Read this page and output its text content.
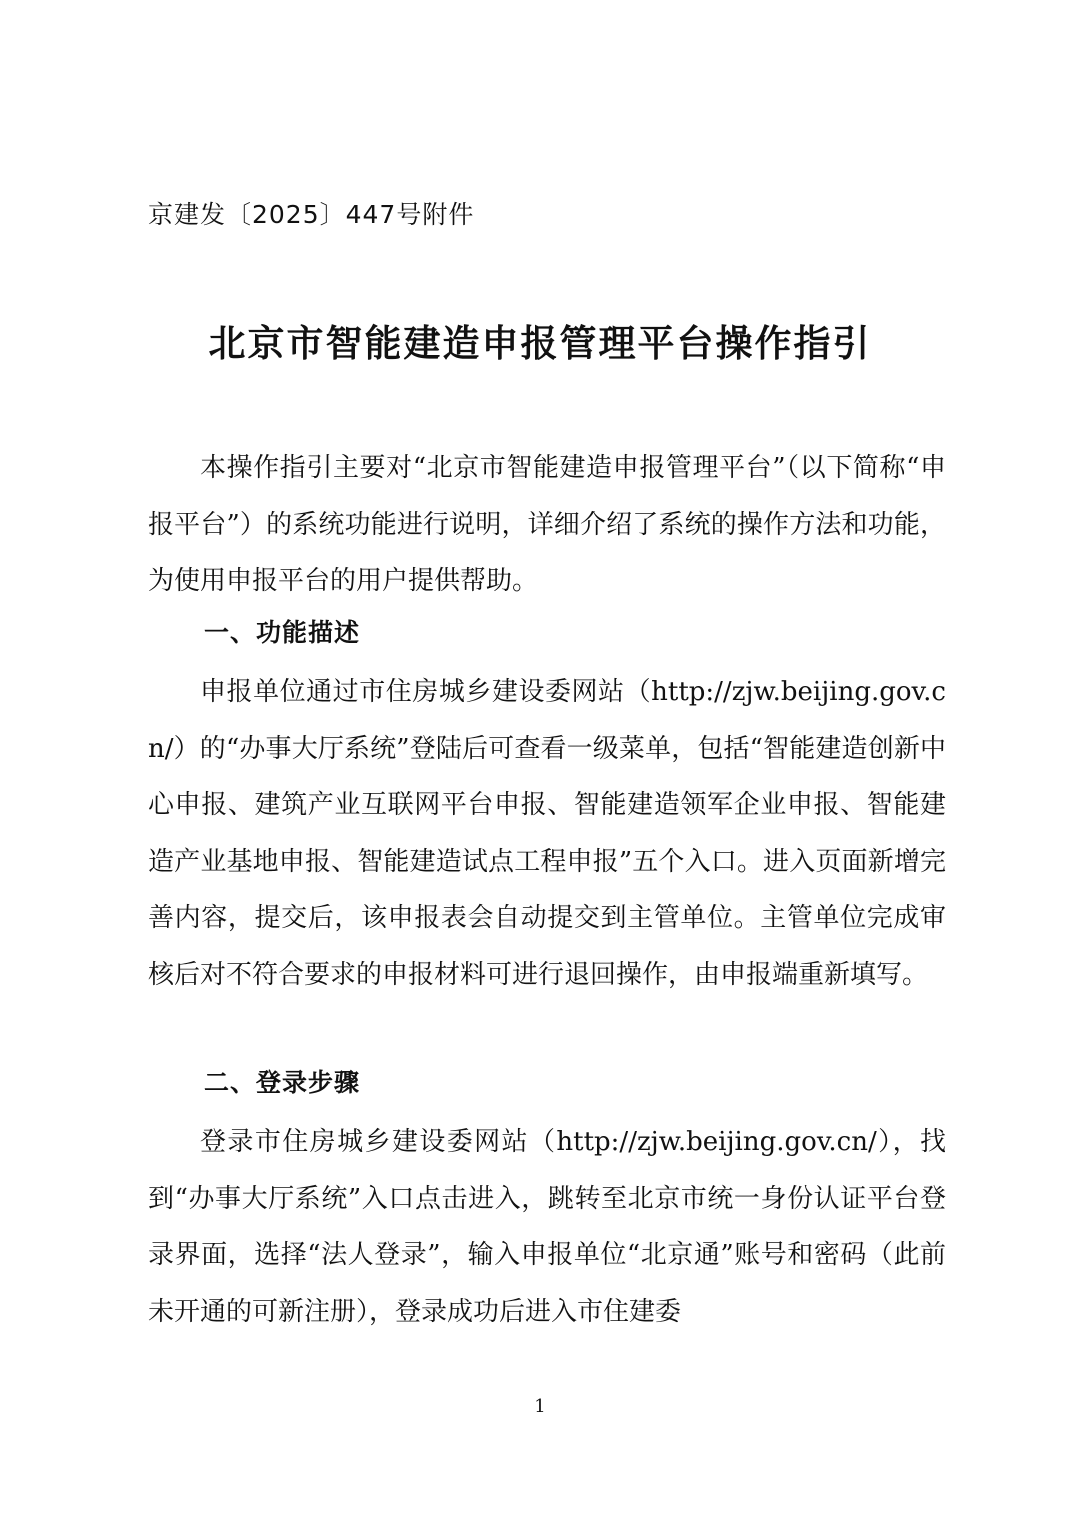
京建发〔2025〕447号附件
北京市智能建造申报管理平台操作指引

本操作指引主要对“北京市智能建造申报管理平台”（以下简称“申报平台”）的系统功能进行说明，详细介绍了系统的操作方法和功能，为使用申报平台的用户提供帮助。

一、功能描述

申报单位通过市住房城乡建设委网站（http://zjw.beijing.gov.cn/）的“办事大厅系统”登陆后可查看一级菜单，包括“智能建造创新中心申报、建筑产业互联网平台申报、智能建造领军企业申报、智能建造产业基地申报、智能建造试点工程申报”五个入口。进入页面新增完善内容，提交后，该申报表会自动提交到主管单位。主管单位完成审核后对不符合要求的申报材料可进行退回操作，由申报端重新填写。

二、登录步骤

登录市住房城乡建设委网站（http://zjw.beijing.gov.cn/），找到“办事大厅系统”入口点击进入，跳转至北京市统一身份认证平台登录界面，选择“法人登录”，输入申报单位“北京通”账号和密码（此前未开通的可新注册），登录成功后进入市住建委

1
